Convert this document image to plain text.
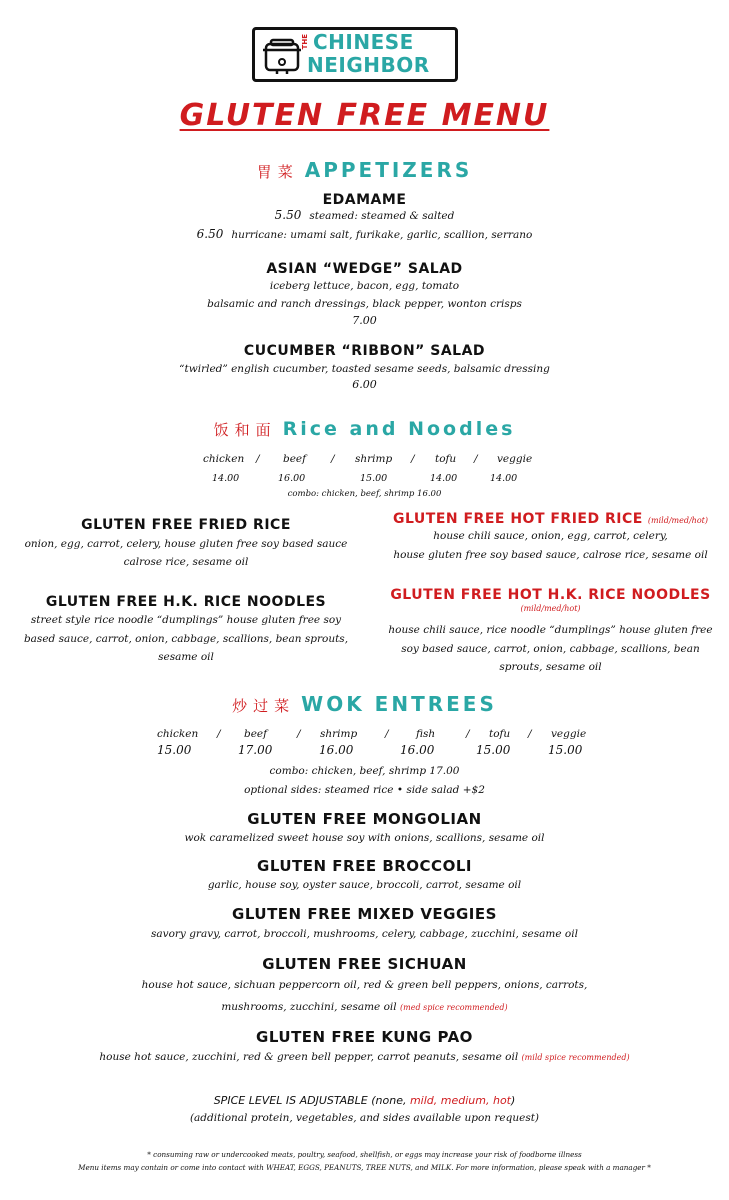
THE CHINESE
NEIGHBOR
GLUTEN FREE MENU
胃菜 APPETIZERS
EDAMAME
5.50 steamed: steamed & salted
6.50 hurricane: umami salt, furikake, garlic, scallion, serrano
ASIAN “WEDGE” SALAD
iceberg lettuce, bacon, egg, tomato
balsamic and ranch dressings, black pepper, wonton crisps
7.00
CUCUMBER “RIBBON” SALAD
“twirled” english cucumber, toasted sesame seeds, balsamic dressing
6.00
饭和面 Rice and Noodles
chicken / beef / shrimp / tofu / veggie
14.00	16.00	15.00	14.00	14.00
combo: chicken, beef, shrimp 16.00
GLUTEN FREE FRIED RICE
onion, egg, carrot, celery, house gluten free soy based sauce
calrose rice, sesame oil
GLUTEN FREE H.K. RICE NOODLES
street style rice noodle “dumplings” house gluten free soy
based sauce, carrot, onion, cabbage, scallions, bean sprouts,
sesame oil
GLUTEN FREE HOT FRIED RICE (mild/med/hot)
house chili sauce, onion, egg, carrot, celery,
house gluten free soy based sauce, calrose rice, sesame oil
GLUTEN FREE HOT H.K. RICE NOODLES
(mild/med/hot)
house chili sauce, rice noodle “dumplings” house gluten free
soy based sauce, carrot, onion, cabbage, scallions, bean
sprouts, sesame oil
炒过菜 WOK ENTREES
chicken / beef	/ shrimp	/	fish	/ tofu / veggie
15.00	17.00	16.00	16.00	15.00	15.00
combo: chicken, beef, shrimp 17.00
optional sides: steamed rice • side salad +$2
GLUTEN FREE MONGOLIAN
wok caramelized sweet house soy with onions, scallions, sesame oil
GLUTEN FREE BROCCOLI
garlic, house soy, oyster sauce, broccoli, carrot, sesame oil
GLUTEN FREE MIXED VEGGIES
savory gravy, carrot, broccoli, mushrooms, celery, cabbage, zucchini, sesame oil
GLUTEN FREE SICHUAN
house hot sauce, sichuan peppercorn oil, red & green bell peppers, onions, carrots,
mushrooms, zucchini, sesame oil (med spice recommended)
GLUTEN FREE KUNG PAO
house hot sauce, zucchini, red & green bell pepper, carrot peanuts, sesame oil (mild spice recommended)
SPICE LEVEL IS ADJUSTABLE (none, mild, medium, hot)
(additional protein, vegetables, and sides available upon request)
* consuming raw or undercooked meats, poultry, seafood, shellfish, or eggs may increase your risk of foodborne illness
Menu items may contain or come into contact with WHEAT, EGGS, PEANUTS, TREE NUTS, and MILK. For more information, please speak with a manager *
